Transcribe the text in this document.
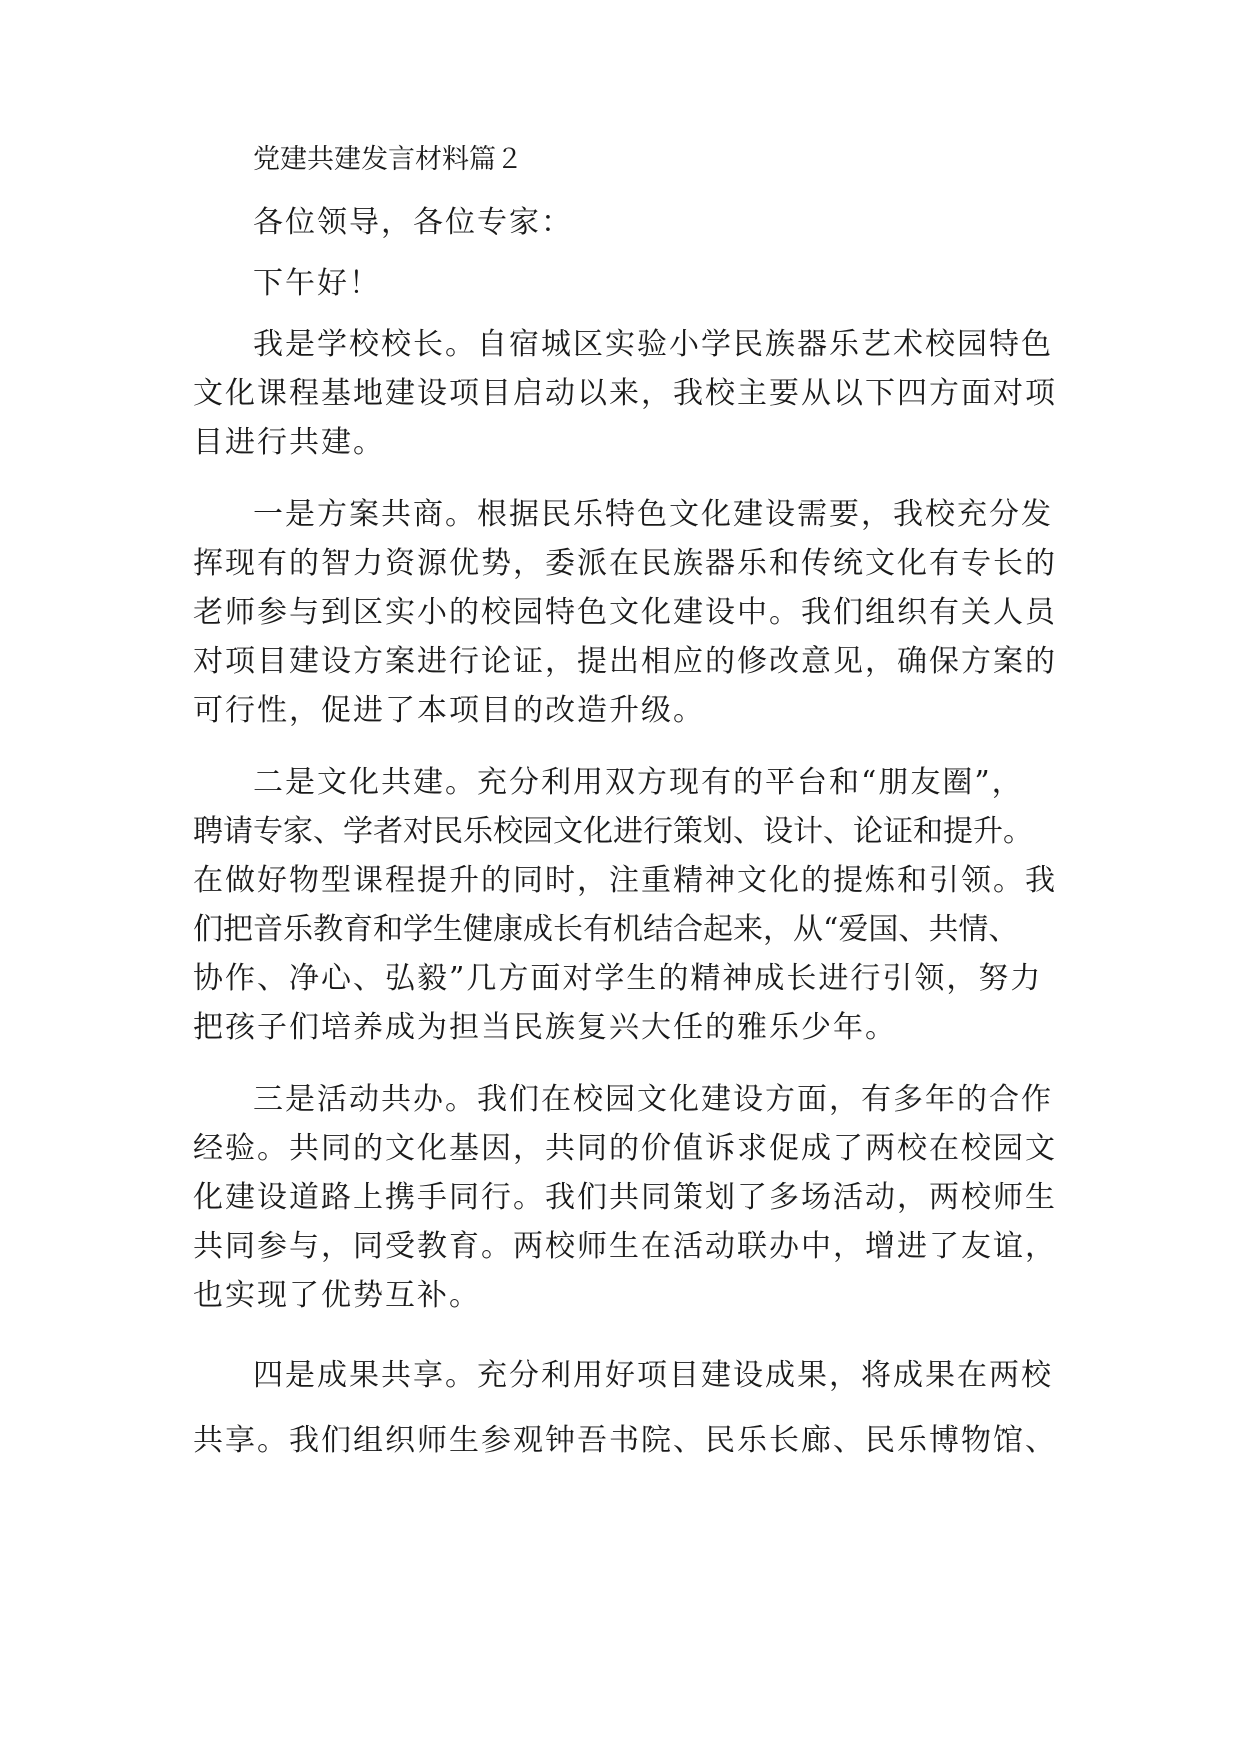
党建共建发言材料篇２

各位领导，各位专家：

下午好！

我是学校校长。自宿城区实验小学民族器乐艺术校园特色
文化课程基地建设项目启动以来，我校主要从以下四方面对项
目进行共建。

一是方案共商。根据民乐特色文化建设需要，我校充分发
挥现有的智力资源优势，委派在民族器乐和传统文化有专长的
老师参与到区实小的校园特色文化建设中。我们组织有关人员
对项目建设方案进行论证，提出相应的修改意见，确保方案的
可行性，促进了本项目的改造升级。

二是文化共建。充分利用双方现有的平台和“朋友圈”，
聘请专家、学者对民乐校园文化进行策划、设计、论证和提升。
在做好物型课程提升的同时，注重精神文化的提炼和引领。我
们把音乐教育和学生健康成长有机结合起来，从“爱国、共情、
协作、净心、弘毅”几方面对学生的精神成长进行引领，努力
把孩子们培养成为担当民族复兴大任的雅乐少年。

三是活动共办。我们在校园文化建设方面，有多年的合作
经验。共同的文化基因，共同的价值诉求促成了两校在校园文
化建设道路上携手同行。我们共同策划了多场活动，两校师生
共同参与，同受教育。两校师生在活动联办中，增进了友谊，
也实现了优势互补。

四是成果共享。充分利用好项目建设成果，将成果在两校
共享。我们组织师生参观钟吾书院、民乐长廊、民乐博物馆、
